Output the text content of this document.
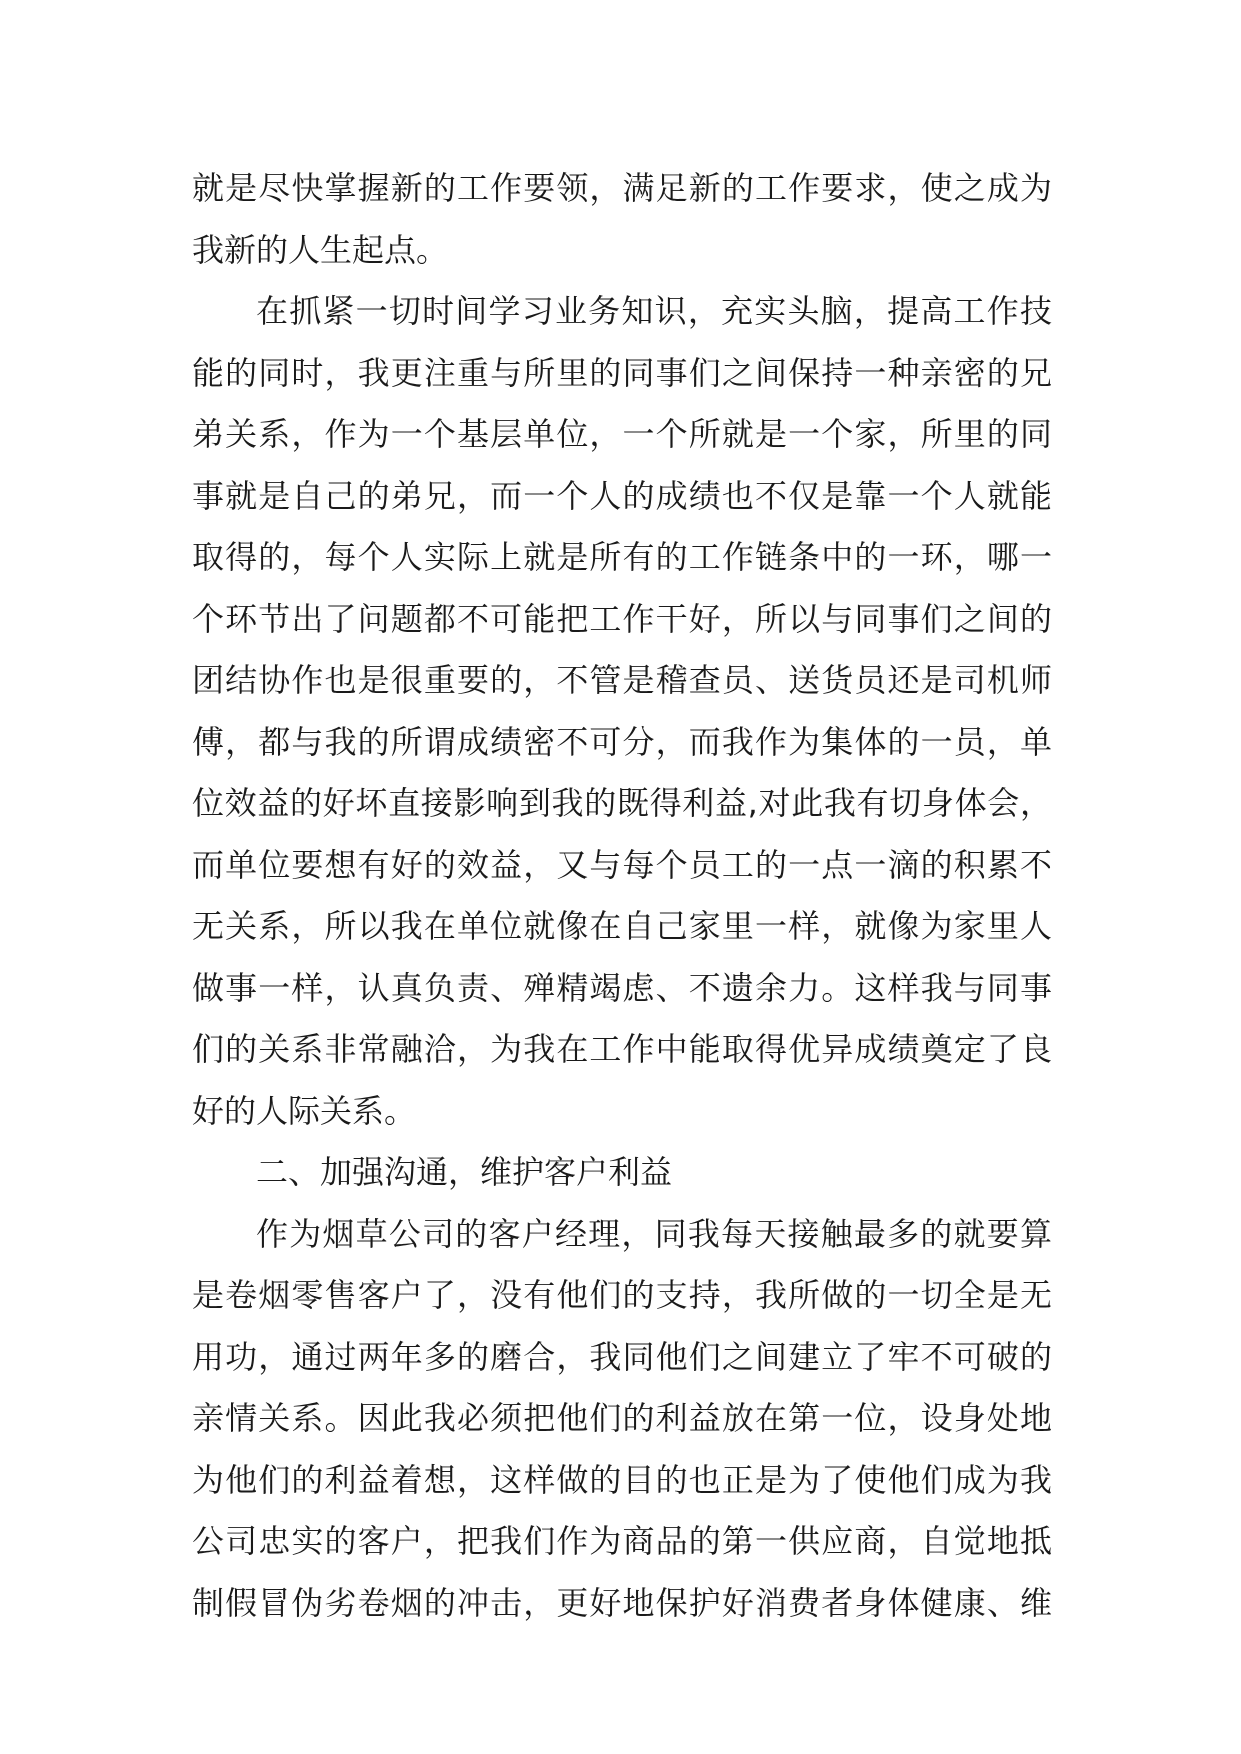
就是尽快掌握新的工作要领，满足新的工作要求，使之成为
我新的人生起点。
在抓紧一切时间学习业务知识，充实头脑，提高工作技
能的同时，我更注重与所里的同事们之间保持一种亲密的兄
弟关系，作为一个基层单位，一个所就是一个家，所里的同
事就是自己的弟兄，而一个人的成绩也不仅是靠一个人就能
取得的，每个人实际上就是所有的工作链条中的一环，哪一
个环节出了问题都不可能把工作干好，所以与同事们之间的
团结协作也是很重要的，不管是稽查员、送货员还是司机师
傅，都与我的所谓成绩密不可分，而我作为集体的一员，单
位效益的好坏直接影响到我的既得利益,对此我有切身体会，
而单位要想有好的效益，又与每个员工的一点一滴的积累不
无关系，所以我在单位就像在自己家里一样，就像为家里人
做事一样，认真负责、殚精竭虑、不遗余力。这样我与同事
们的关系非常融洽，为我在工作中能取得优异成绩奠定了良
好的人际关系。
二、加强沟通，维护客户利益
作为烟草公司的客户经理，同我每天接触最多的就要算
是卷烟零售客户了，没有他们的支持，我所做的一切全是无
用功，通过两年多的磨合，我同他们之间建立了牢不可破的
亲情关系。因此我必须把他们的利益放在第一位，设身处地
为他们的利益着想，这样做的目的也正是为了使他们成为我
公司忠实的客户，把我们作为商品的第一供应商，自觉地抵
制假冒伪劣卷烟的冲击，更好地保护好消费者身体健康、维
